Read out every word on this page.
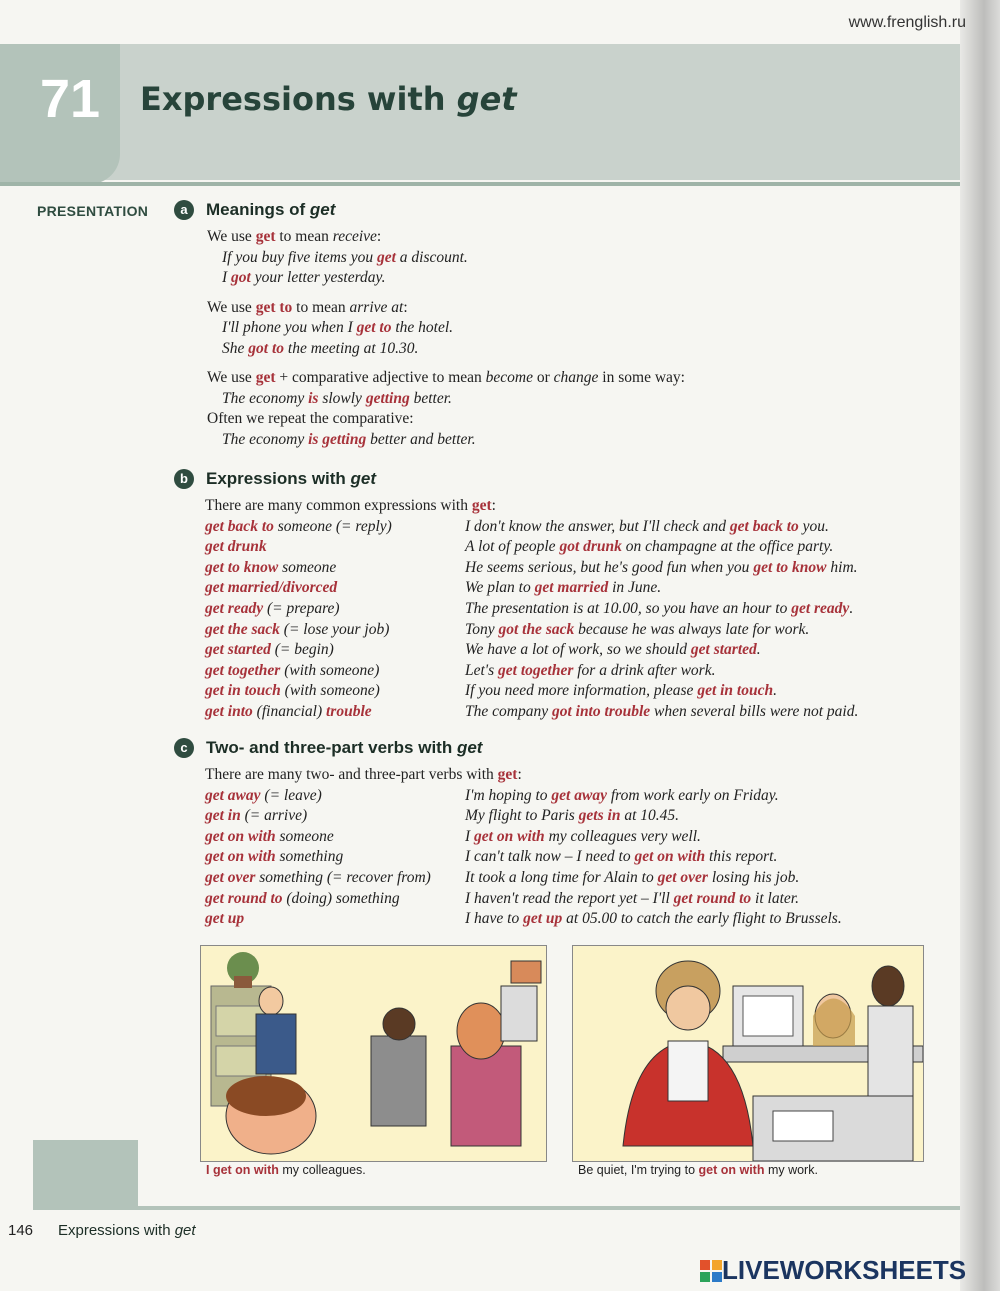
www.frenglish.ru
71 Expressions with get
PRESENTATION	a Meanings of get
We use get to mean receive:
If you buy five items you get a discount.
I got your letter yesterday.
We use get to to mean arrive at:
I'll phone you when I get to the hotel.
She got to the meeting at 10.30.
We use get + comparative adjective to mean become or change in some way:
The economy is slowly getting better.
Often we repeat the comparative:
The economy is getting better and better.
b Expressions with get
There are many common expressions with get:
get back to someone (= reply)	I don't know the answer, but I'll check and get back to you.
get drunk	A lot of people got drunk on champagne at the office party.
get to know someone	He seems serious, but he's good fun when you get to know him.
get married/divorced	We plan to get married in June.
get ready (= prepare)	The presentation is at 10.00, so you have an hour to get ready.
get the sack (= lose your job)	Tony got the sack because he was always late for work.
get started (= begin)	We have a lot of work, so we should get started.
get together (with someone)	Let's get together for a drink after work.
get in touch (with someone)	If you need more information, please get in touch.
get into (financial) trouble	The company got into trouble when several bills were not paid.
c Two- and three-part verbs with get
There are many two- and three-part verbs with get:
get away (= leave)	I'm hoping to get away from work early on Friday.
get in (= arrive)	My flight to Paris gets in at 10.45.
get on with someone	I get on with my colleagues very well.
get on with something	I can't talk now – I need to get on with this report.
get over something (= recover from)	It took a long time for Alain to get over losing his job.
get round to (doing) something	I haven't read the report yet – I'll get round to it later.
get up	I have to get up at 05.00 to catch the early flight to Brussels.
I get on with my colleagues.	Be quiet, I'm trying to get on with my work.
146 Expressions with get
LIVEWORKSHEETS
